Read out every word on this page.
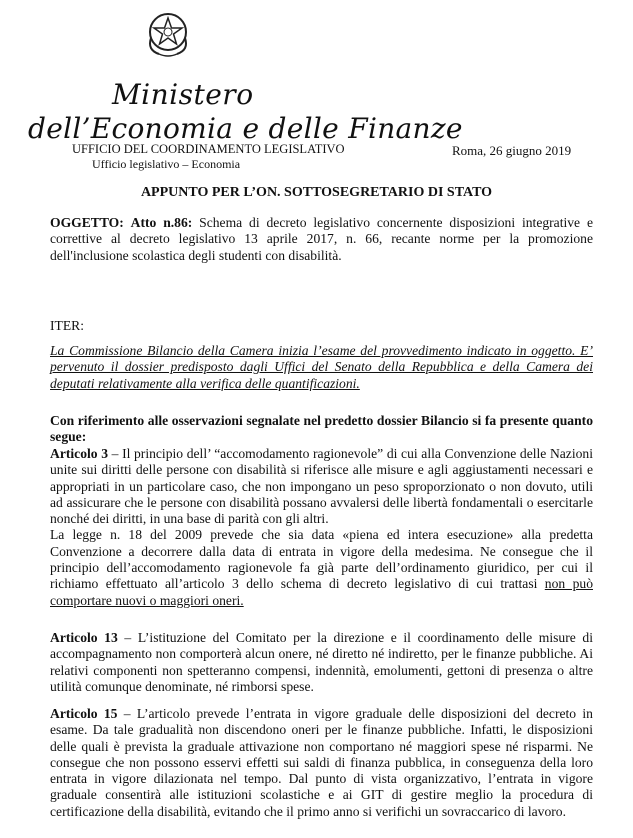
Ministero
dell’Economia e delle Finanze
UFFICIO DEL COORDINAMENTO LEGISLATIVO
Ufficio legislativo – Economia
Roma, 26 giugno 2019
APPUNTO PER L’ON. SOTTOSEGRETARIO DI STATO

OGGETTO: Atto n.86: Schema di decreto legislativo concernente disposizioni integrative e correttive al decreto legislativo 13 aprile 2017, n. 66, recante norme per la promozione dell'inclusione scolastica degli studenti con disabilità.

ITER:
La Commissione Bilancio della Camera inizia l’esame del provvedimento indicato in oggetto. E’ pervenuto il dossier predisposto dagli Uffici del Senato della Repubblica e della Camera dei deputati relativamente alla verifica delle quantificazioni.
Con riferimento alle osservazioni segnalate nel predetto dossier Bilancio si fa presente quanto segue:

Articolo 3 – Il principio dell’ “accomodamento ragionevole” di cui alla Convenzione delle Nazioni unite sui diritti delle persone con disabilità si riferisce alle misure e agli aggiustamenti necessari e appropriati in un particolare caso, che non impongano un peso sproporzionato o non dovuto, utili ad assicurare che le persone con disabilità possano avvalersi delle libertà fondamentali o esercitarle nonché dei diritti, in una base di parità con gli altri.

La legge n. 18 del 2009 prevede che sia data «piena ed intera esecuzione» alla predetta Convenzione a decorrere dalla data di entrata in vigore della medesima. Ne consegue che il principio dell’accomodamento ragionevole fa già parte dell’ordinamento giuridico, per cui il richiamo effettuato all’articolo 3 dello schema di decreto legislativo di cui trattasi non può comportare nuovi o maggiori oneri.

Articolo 13 – L’istituzione del Comitato per la direzione e il coordinamento delle misure di accompagnamento non comporterà alcun onere, né diretto né indiretto, per le finanze pubbliche. Ai relativi componenti non spetteranno compensi, indennità, emolumenti, gettoni di presenza o altre utilità comunque denominate, né rimborsi spese.

Articolo 15 – L’articolo prevede l’entrata in vigore graduale delle disposizioni del decreto in esame. Da tale gradualità non discendono oneri per le finanze pubbliche. Infatti, le disposizioni delle quali è prevista la graduale attivazione non comportano né maggiori spese né risparmi. Ne consegue che non possono esservi effetti sui saldi di finanza pubblica, in conseguenza della loro entrata in vigore dilazionata nel tempo. Dal punto di vista organizzativo, l’entrata in vigore graduale consentirà alle istituzioni scolastiche e ai GIT di gestire meglio la procedura di certificazione della disabilità, evitando che il primo anno si verifichi un sovraccarico di lavoro.
